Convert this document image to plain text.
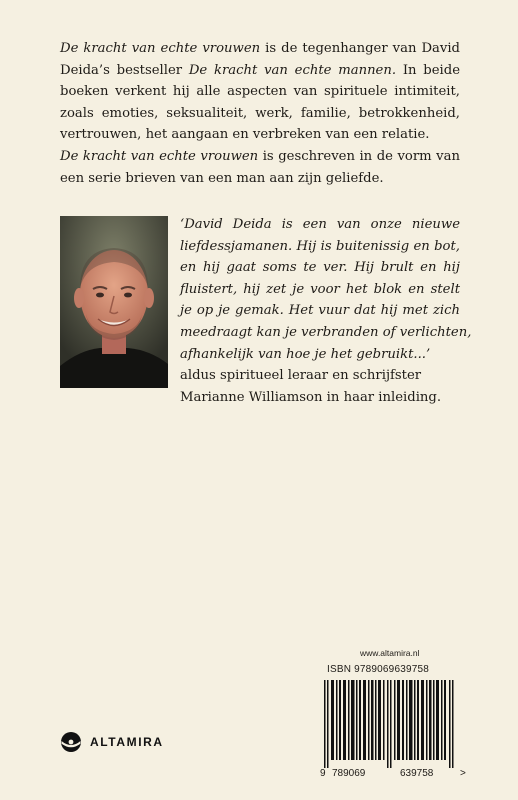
De kracht van echte vrouwen is de tegenhanger van David
Deida’s bestseller De kracht van echte mannen. In beide
boeken verkent hij alle aspecten van spirituele intimiteit,
zoals emoties, seksualiteit, werk, familie, betrokkenheid,
vertrouwen, het aangaan en verbreken van een relatie.
De kracht van echte vrouwen is geschreven in de vorm van
een serie brieven van een man aan zijn geliefde.
‘David Deida is een van onze nieuwe
liefdessjamanen. Hij is buitenissig en bot,
en hij gaat soms te ver. Hij brult en hij
fluistert, hij zet je voor het blok en stelt
je op je gemak. Het vuur dat hij met zich
meedraagt kan je verbranden of verlichten,
afhankelijk van hoe je het gebruikt...’
aldus spiritueel leraar en schrijfster
Marianne Williamson in haar inleiding.
www.altamira.nl
ISBN 9789069639758
9 789069	639758	>
ALTAMIRA
